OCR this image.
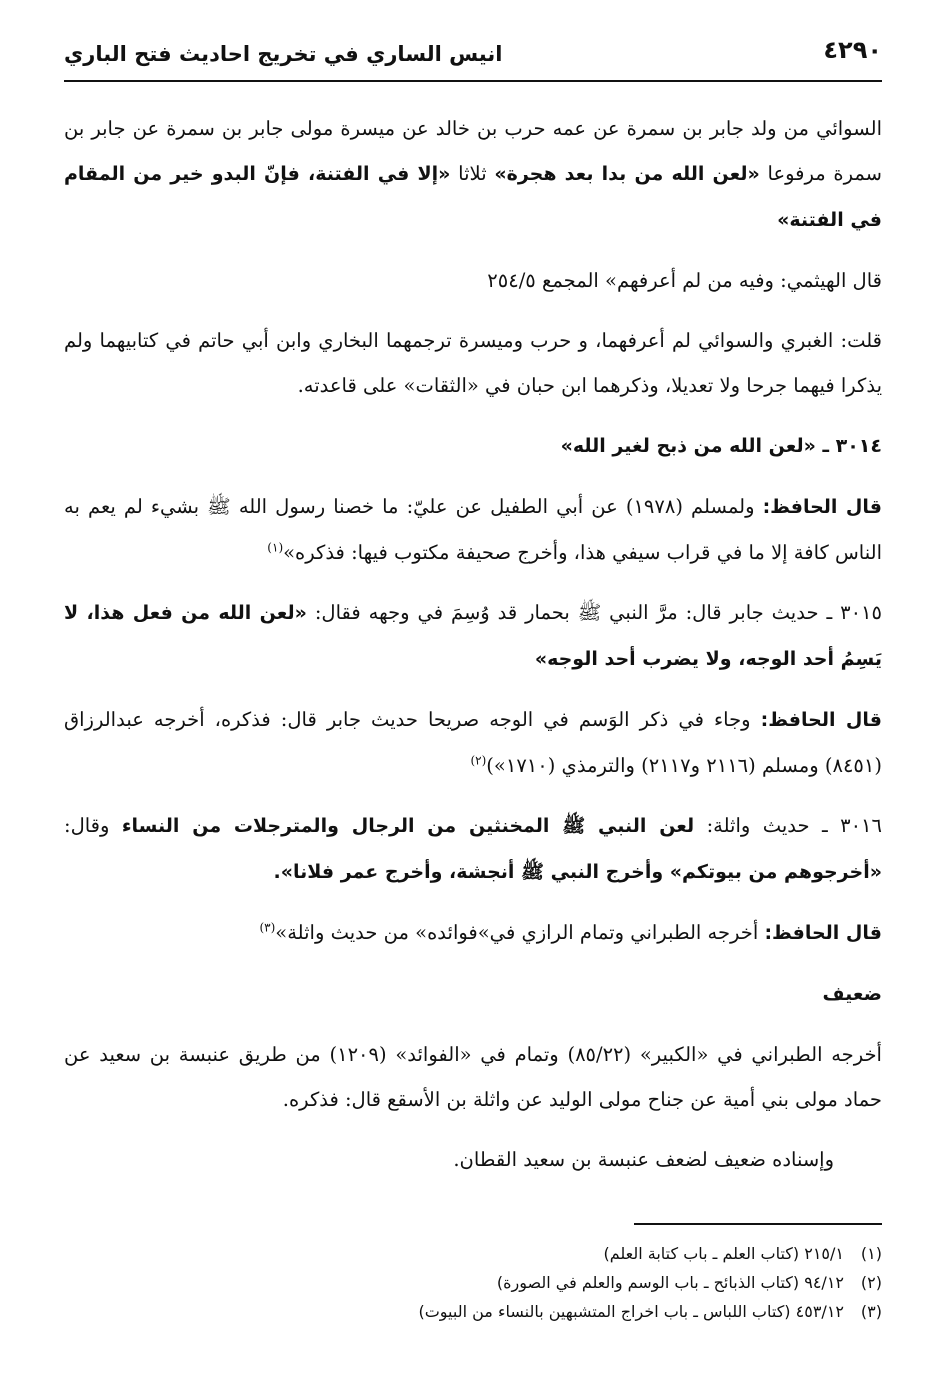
٤٢٩٠
انيس الساري في تخريج احاديث فتح الباري

السوائي من ولد جابر بن سمرة عن عمه حرب بن خالد عن ميسرة مولى جابر بن سمرة عن جابر بن سمرة مرفوعا «لعن الله من بدا بعد هجرة» ثلاثا «إلا في الفتنة، فإنّ البدو خير من المقام في الفتنة»

قال الهيثمي: وفيه من لم أعرفهم» المجمع ٢٥٤/٥

قلت: الغبري والسوائي لم أعرفهما، و حرب وميسرة ترجمهما البخاري وابن أبي حاتم في كتابيهما ولم يذكرا فيهما جرحا ولا تعديلا، وذكرهما ابن حبان في «الثقات» على قاعدته.

٣٠١٤ ـ «لعن الله من ذبح لغير الله»

قال الحافظ: ولمسلم (١٩٧٨) عن أبي الطفيل عن عليّ: ما خصنا رسول الله ﷺ بشيء لم يعم به الناس كافة إلا ما في قراب سيفي هذا، وأخرج صحيفة مكتوب فيها: فذكره»$^{(١)}$

٣٠١٥ ـ حديث جابر قال: مرَّ النبي ﷺ بحمار قد وُسِمَ في وجهه فقال: «لعن الله من فعل هذا، لا يَسِمُ أحد الوجه، ولا يضرب أحد الوجه»

قال الحافظ: وجاء في ذكر الوَسم في الوجه صريحا حديث جابر قال: فذكره، أخرجه عبدالرزاق (٨٤٥١) ومسلم (٢١١٦ و٢١١٧) والترمذي (١٧١٠»)$^{(٢)}$

٣٠١٦ ـ حديث واثلة: لعن النبي ﷺ المخنثين من الرجال والمترجلات من النساء وقال: «أخرجوهم من بيوتكم» وأخرج النبي ﷺ أنجشة، وأخرج عمر فلانا».

قال الحافظ: أخرجه الطبراني وتمام الرازي في»فوائده» من حديث واثلة»$^{(٣)}$

ضعيف

أخرجه الطبراني في «الكبير» (٨٥/٢٢) وتمام في «الفوائد» (١٢٠٩) من طريق عنبسة بن سعيد عن حماد مولى بني أمية عن جناح مولى الوليد عن واثلة بن الأسقع قال: فذكره.

وإسناده ضعيف لضعف عنبسة بن سعيد القطان.

(١)٢١٥/١ (كتاب العلم ـ باب كتابة العلم)
(٢)٩٤/١٢ (كتاب الذبائح ـ باب الوسم والعلم في الصورة)
(٣)٤٥٣/١٢ (كتاب اللباس ـ باب اخراج المتشبهين بالنساء من البيوت)
